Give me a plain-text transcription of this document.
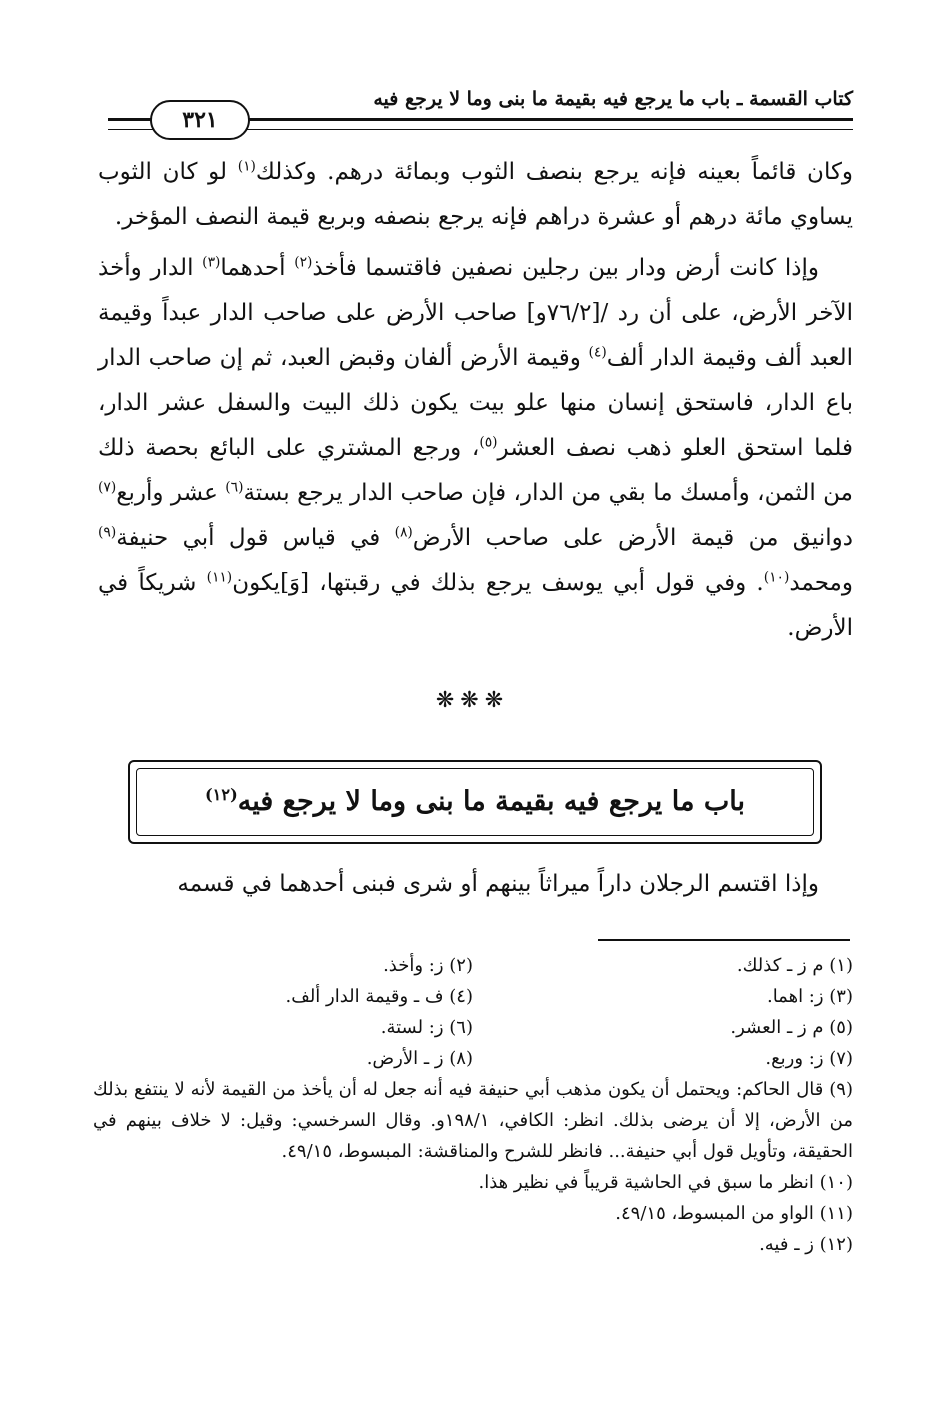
كتاب القسمة ـ باب ما يرجع فيه بقيمة ما بنى وما لا يرجع فيه
٣٢١

وكان قائماً بعينه فإنه يرجع بنصف الثوب وبمائة درهم. وكذلك$^{(١)}$ لو كان الثوب يساوي مائة درهم أو عشرة دراهم فإنه يرجع بنصفه وبربع قيمة النصف المؤخر.

وإذا كانت أرض ودار بين رجلين نصفين فاقتسما فأخذ$^{(٢)}$ أحدهما$^{(٣)}$ الدار وأخذ الآخر الأرض، على أن رد /[٧٦/٢و] صاحب الأرض على صاحب الدار عبداً وقيمة العبد ألف وقيمة الدار ألف$^{(٤)}$ وقيمة الأرض ألفان وقبض العبد، ثم إن صاحب الدار باع الدار، فاستحق إنسان منها علو بيت يكون ذلك البيت والسفل عشر الدار، فلما استحق العلو ذهب نصف العشر$^{(٥)}$، ورجع المشتري على البائع بحصة ذلك من الثمن، وأمسك ما بقي من الدار، فإن صاحب الدار يرجع بستة$^{(٦)}$ عشر وأربع$^{(٧)}$ دوانيق من قيمة الأرض على صاحب الأرض$^{(٨)}$ في قياس قول أبي حنيفة$^{(٩)}$ ومحمد$^{(١٠)}$. وفي قول أبي يوسف يرجع بذلك في رقبتها، [وَ]يكون$^{(١١)}$ شريكاً في الأرض.

❋❋❋
باب ما يرجع فيه بقيمة ما بنى وما لا يرجع فيه$^{(١٢)}$
وإذا اقتسم الرجلان داراً ميراثاً بينهم أو شرى فبنى أحدهما في قسمه
(١) م ز ـ كذلك.
(٢) ز: وأخذ.
(٣) ز: اهما.
(٤) ف ـ وقيمة الدار ألف.
(٥) م ز ـ العشر.
(٦) ز: لستة.
(٧) ز: وربع.
(٨) ز ـ الأرض.
(٩) قال الحاكم: ويحتمل أن يكون مذهب أبي حنيفة فيه أنه جعل له أن يأخذ من القيمة لأنه لا ينتفع بذلك من الأرض، إلا أن يرضى بذلك. انظر: الكافي، ١٩٨/١و. وقال السرخسي: وقيل: لا خلاف بينهم في الحقيقة، وتأويل قول أبي حنيفة... فانظر للشرح والمناقشة: المبسوط، ٤٩/١٥.
(١٠) انظر ما سبق في الحاشية قريباً في نظير هذا.
(١١) الواو من المبسوط، ٤٩/١٥.
(١٢) ز ـ فيه.
